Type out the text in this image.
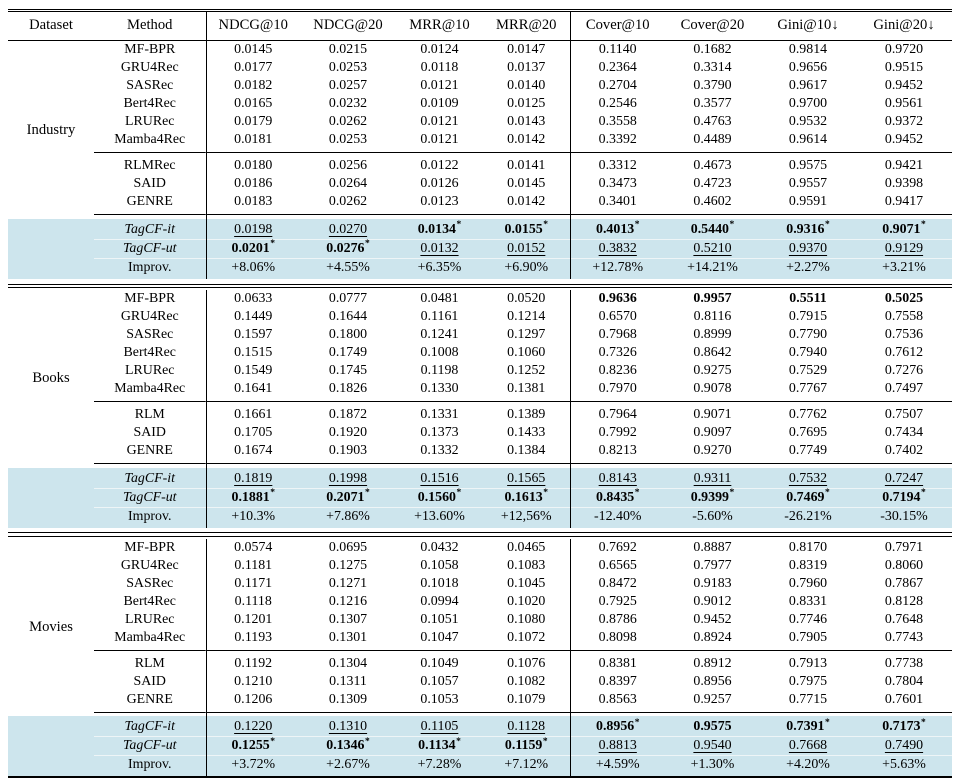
Dataset	Method	NDCG@10	NDCG@20	MRR@10	MRR@20	Cover@10	Cover@20	Gini@10↓	Gini@20↓
Industry	MF-BPR	0.0145	0.0215	0.0124	0.0147	0.1140	0.1682	0.9814	0.9720
	GRU4Rec	0.0177	0.0253	0.0118	0.0137	0.2364	0.3314	0.9656	0.9515
	SASRec	0.0182	0.0257	0.0121	0.0140	0.2704	0.3790	0.9617	0.9452
	Bert4Rec	0.0165	0.0232	0.0109	0.0125	0.2546	0.3577	0.9700	0.9561
	LRURec	0.0179	0.0262	0.0121	0.0143	0.3558	0.4763	0.9532	0.9372
	Mamba4Rec	0.0181	0.0253	0.0121	0.0142	0.3392	0.4489	0.9614	0.9452

	RLMRec	0.0180	0.0256	0.0122	0.0141	0.3312	0.4673	0.9575	0.9421
	SAID	0.0186	0.0264	0.0126	0.0145	0.3473	0.4723	0.9557	0.9398
	GENRE	0.0183	0.0262	0.0123	0.0142	0.3401	0.4602	0.9591	0.9417

	TagCF-it	0.0198	0.0270	0.0134*	0.0155*	0.4013*	0.5440*	0.9316*	0.9071*
	TagCF-ut	0.0201*	0.0276*	0.0132	0.0152	0.3832	0.5210	0.9370	0.9129
	Improv.	+8.06%	+4.55%	+6.35%	+6.90%	+12.78%	+14.21%	+2.27%	+3.21%

Books	MF-BPR	0.0633	0.0777	0.0481	0.0520	0.9636	0.9957	0.5511	0.5025
	GRU4Rec	0.1449	0.1644	0.1161	0.1214	0.6570	0.8116	0.7915	0.7558
	SASRec	0.1597	0.1800	0.1241	0.1297	0.7968	0.8999	0.7790	0.7536
	Bert4Rec	0.1515	0.1749	0.1008	0.1060	0.7326	0.8642	0.7940	0.7612
	LRURec	0.1549	0.1745	0.1198	0.1252	0.8236	0.9275	0.7529	0.7276
	Mamba4Rec	0.1641	0.1826	0.1330	0.1381	0.7970	0.9078	0.7767	0.7497

	RLM	0.1661	0.1872	0.1331	0.1389	0.7964	0.9071	0.7762	0.7507
	SAID	0.1705	0.1920	0.1373	0.1433	0.7992	0.9097	0.7695	0.7434
	GENRE	0.1674	0.1903	0.1332	0.1384	0.8213	0.9270	0.7749	0.7402

	TagCF-it	0.1819	0.1998	0.1516	0.1565	0.8143	0.9311	0.7532	0.7247
	TagCF-ut	0.1881*	0.2071*	0.1560*	0.1613*	0.8435*	0.9399*	0.7469*	0.7194*
	Improv.	+10.3%	+7.86%	+13.60%	+12,56%	-12.40%	-5.60%	-26.21%	-30.15%

Movies	MF-BPR	0.0574	0.0695	0.0432	0.0465	0.7692	0.8887	0.8170	0.7971
	GRU4Rec	0.1181	0.1275	0.1058	0.1083	0.6565	0.7977	0.8319	0.8060
	SASRec	0.1171	0.1271	0.1018	0.1045	0.8472	0.9183	0.7960	0.7867
	Bert4Rec	0.1118	0.1216	0.0994	0.1020	0.7925	0.9012	0.8331	0.8128
	LRURec	0.1201	0.1307	0.1051	0.1080	0.8786	0.9452	0.7746	0.7648
	Mamba4Rec	0.1193	0.1301	0.1047	0.1072	0.8098	0.8924	0.7905	0.7743

	RLM	0.1192	0.1304	0.1049	0.1076	0.8381	0.8912	0.7913	0.7738
	SAID	0.1210	0.1311	0.1057	0.1082	0.8397	0.8956	0.7975	0.7804
	GENRE	0.1206	0.1309	0.1053	0.1079	0.8563	0.9257	0.7715	0.7601

	TagCF-it	0.1220	0.1310	0.1105	0.1128	0.8956*	0.9575	0.7391*	0.7173*
	TagCF-ut	0.1255*	0.1346*	0.1134*	0.1159*	0.8813	0.9540	0.7668	0.7490
	Improv.	+3.72%	+2.67%	+7.28%	+7.12%	+4.59%	+1.30%	+4.20%	+5.63%
